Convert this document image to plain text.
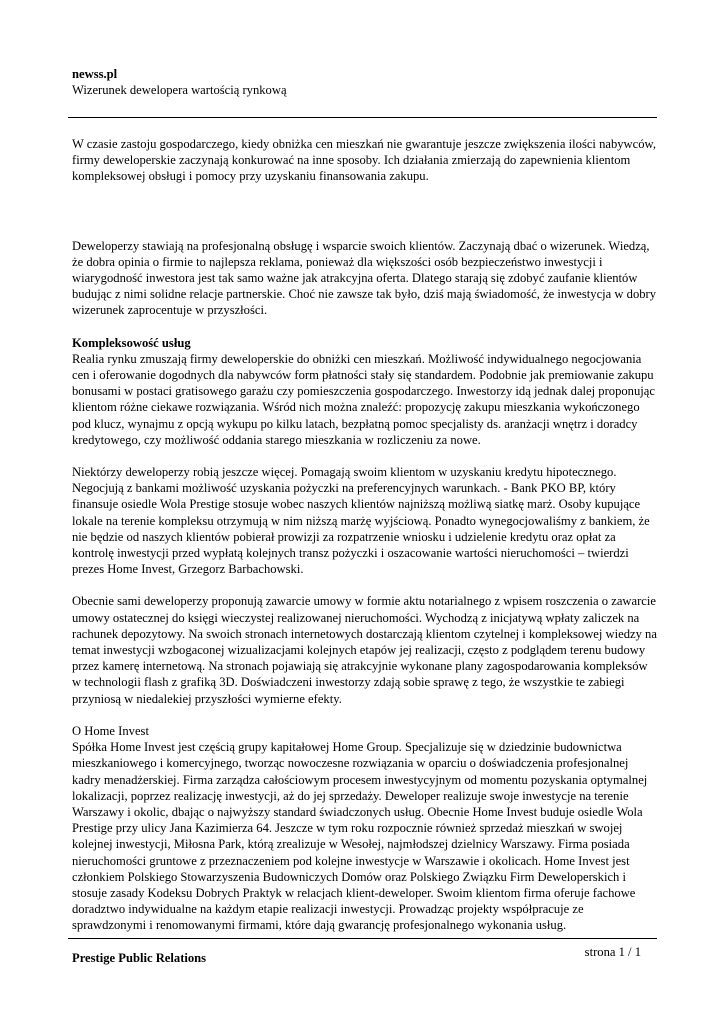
newss.pl
Wizerunek dewelopera wartością rynkową

W czasie zastoju gospodarczego, kiedy obniżka cen mieszkań nie gwarantuje jeszcze zwiększenia ilości nabywców, firmy deweloperskie zaczynają konkurować na inne sposoby. Ich działania zmierzają do zapewnienia klientom kompleksowej obsługi i pomocy przy uzyskaniu finansowania zakupu.

Deweloperzy stawiają na profesjonalną obsługę i wsparcie swoich klientów. Zaczynają dbać o wizerunek. Wiedzą, że dobra opinia o firmie to najlepsza reklama, ponieważ dla większości osób bezpieczeństwo inwestycji i wiarygodność inwestora jest tak samo ważne jak atrakcyjna oferta. Dlatego starają się zdobyć zaufanie klientów budując z nimi solidne relacje partnerskie. Choć nie zawsze tak było, dziś mają świadomość, że inwestycja w dobry wizerunek zaprocentuje w przyszłości.

Kompleksowość usług

Realia rynku zmuszają firmy deweloperskie do obniżki cen mieszkań. Możliwość indywidualnego negocjowania cen i oferowanie dogodnych dla nabywców form płatności stały się standardem. Podobnie jak premiowanie zakupu bonusami w postaci gratisowego garażu czy pomieszczenia gospodarczego. Inwestorzy idą jednak dalej proponując klientom różne ciekawe rozwiązania. Wśród nich można znaleźć: propozycję zakupu mieszkania wykończonego pod klucz, wynajmu z opcją wykupu po kilku latach, bezpłatną pomoc specjalisty ds. aranżacji wnętrz i doradcy kredytowego, czy możliwość oddania starego mieszkania w rozliczeniu za nowe.

Niektórzy deweloperzy robią jeszcze więcej. Pomagają swoim klientom w uzyskaniu kredytu hipotecznego. Negocjują z bankami możliwość uzyskania pożyczki na preferencyjnych warunkach. - Bank PKO BP, który finansuje osiedle Wola Prestige stosuje wobec naszych klientów najniższą możliwą siatkę marż. Osoby kupujące lokale na terenie kompleksu otrzymują w nim niższą marżę wyjściową. Ponadto wynegocjowaliśmy z bankiem, że nie będzie od naszych klientów pobierał prowizji za rozpatrzenie wniosku i udzielenie kredytu oraz opłat za kontrolę inwestycji przed wypłatą kolejnych transz pożyczki i oszacowanie wartości nieruchomości – twierdzi prezes Home Invest, Grzegorz Barbachowski.

Obecnie sami deweloperzy proponują zawarcie umowy w formie aktu notarialnego z wpisem roszczenia o zawarcie umowy ostatecznej do księgi wieczystej realizowanej nieruchomości. Wychodzą z inicjatywą wpłaty zaliczek na rachunek depozytowy. Na swoich stronach internetowych dostarczają klientom czytelnej i kompleksowej wiedzy na temat inwestycji wzbogaconej wizualizacjami kolejnych etapów jej realizacji, często z podglądem terenu budowy przez kamerę internetową. Na stronach pojawiają się atrakcyjnie wykonane plany zagospodarowania kompleksów w technologii flash z grafiką 3D. Doświadczeni inwestorzy zdają sobie sprawę z tego, że wszystkie te zabiegi przyniosą w niedalekiej przyszłości wymierne efekty.

O Home Invest

Spółka Home Invest jest częścią grupy kapitałowej Home Group. Specjalizuje się w dziedzinie budownictwa mieszkaniowego i komercyjnego, tworząc nowoczesne rozwiązania w oparciu o doświadczenia profesjonalnej kadry menadżerskiej. Firma zarządza całościowym procesem inwestycyjnym od momentu pozyskania optymalnej lokalizacji, poprzez realizację inwestycji, aż do jej sprzedaży. Deweloper realizuje swoje inwestycje na terenie Warszawy i okolic, dbając o najwyższy standard świadczonych usług. Obecnie Home Invest buduje osiedle Wola Prestige przy ulicy Jana Kazimierza 64. Jeszcze w tym roku rozpocznie również sprzedaż mieszkań w swojej kolejnej inwestycji, Miłosna Park, którą zrealizuje w Wesołej, najmłodszej dzielnicy Warszawy. Firma posiada nieruchomości gruntowe z przeznaczeniem pod kolejne inwestycje w Warszawie i okolicach. Home Invest jest członkiem Polskiego Stowarzyszenia Budowniczych Domów oraz Polskiego Związku Firm Deweloperskich i stosuje zasady Kodeksu Dobrych Praktyk w relacjach klient-deweloper. Swoim klientom firma oferuje fachowe doradztwo indywidualne na każdym etapie realizacji inwestycji. Prowadząc projekty współpracuje ze sprawdzonymi i renomowanymi firmami, które dają gwarancję profesjonalnego wykonania usług.

Prestige Public Relations	strona 1 / 1
